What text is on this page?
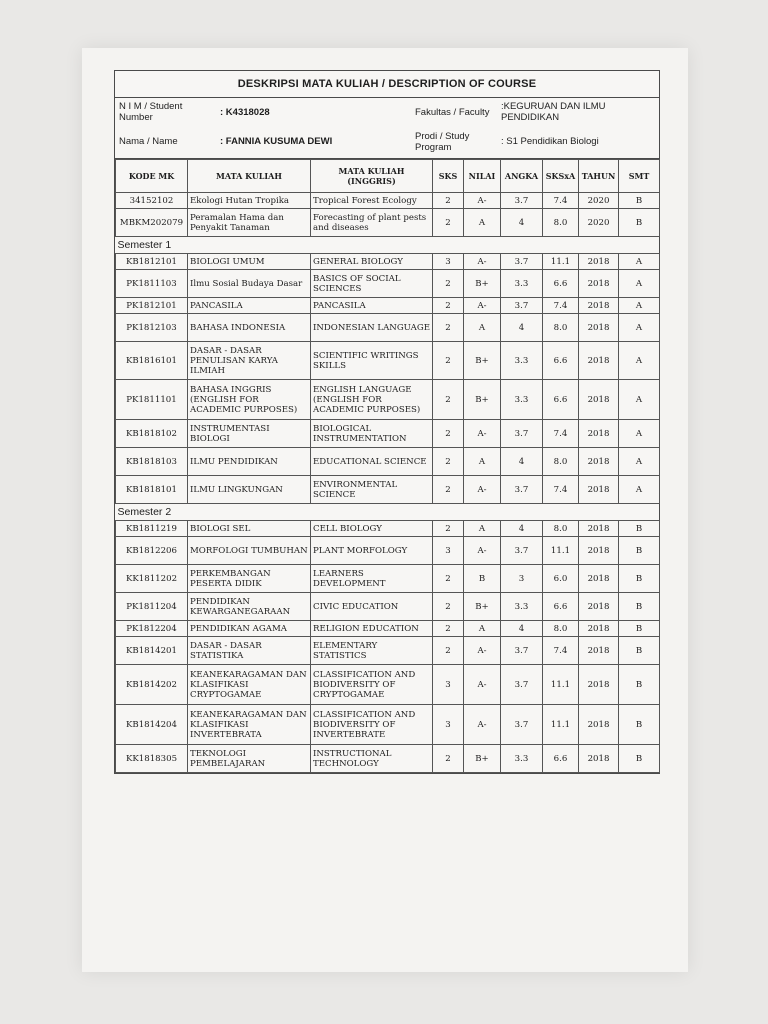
DESKRIPSI MATA KULIAH / DESCRIPTION OF COURSE
N I M / Student Number	: K4318028
Nama / Name	: FANNIA KUSUMA DEWI
Fakultas / Faculty
:KEGURUAN DAN ILMU PENDIDIKAN
Prodi / Study Program
: S1 Pendidikan Biologi
KODE MK	MATA KULIAH	MATA KULIAH (INGGRIS)	SKS	NILAI	ANGKA	SKSxA	TAHUN	SMT
34152102	Ekologi Hutan Tropika	Tropical Forest Ecology	2	A-	3.7	7.4	2020	B
MBKM202079	Peramalan Hama dan Penyakit Tanaman	Forecasting of plant pests and diseases	2	A	4	8.0	2020	B
Semester 1								
KB1812101	BIOLOGI UMUM	GENERAL BIOLOGY	3	A-	3.7	11.1	2018	A
PK1811103	Ilmu Sosial Budaya Dasar	BASICS OF SOCIAL SCIENCES	2	B+	3.3	6.6	2018	A
PK1812101	PANCASILA	PANCASILA	2	A-	3.7	7.4	2018	A
PK1812103	BAHASA INDONESIA	INDONESIAN LANGUAGE	2	A	4	8.0	2018	A
KB1816101	DASAR - DASAR PENULISAN KARYA ILMIAH	SCIENTIFIC WRITINGS SKILLS	2	B+	3.3	6.6	2018	A
PK1811101	BAHASA INGGRIS (ENGLISH FOR ACADEMIC PURPOSES)	ENGLISH LANGUAGE (ENGLISH FOR ACADEMIC PURPOSES)	2	B+	3.3	6.6	2018	A
KB1818102	INSTRUMENTASI BIOLOGI	BIOLOGICAL INSTRUMENTATION	2	A-	3.7	7.4	2018	A
KB1818103	ILMU PENDIDIKAN	EDUCATIONAL SCIENCE	2	A	4	8.0	2018	A
KB1818101	ILMU LINGKUNGAN	ENVIRONMENTAL SCIENCE	2	A-	3.7	7.4	2018	A
Semester 2								
KB1811219	BIOLOGI SEL	CELL BIOLOGY	2	A	4	8.0	2018	B
KB1812206	MORFOLOGI TUMBUHAN	PLANT MORFOLOGY	3	A-	3.7	11.1	2018	B
KK1811202	PERKEMBANGAN PESERTA DIDIK	LEARNERS DEVELOPMENT	2	B	3	6.0	2018	B
PK1811204	PENDIDIKAN KEWARGANEGARAAN	CIVIC EDUCATION	2	B+	3.3	6.6	2018	B
PK1812204	PENDIDIKAN AGAMA	RELIGION EDUCATION	2	A	4	8.0	2018	B
KB1814201	DASAR - DASAR STATISTIKA	ELEMENTARY STATISTICS	2	A-	3.7	7.4	2018	B
KB1814202	KEANEKARAGAMAN DAN KLASIFIKASI CRYPTOGAMAE	CLASSIFICATION AND BIODIVERSITY OF CRYPTOGAMAE	3	A-	3.7	11.1	2018	B
KB1814204	KEANEKARAGAMAN DAN KLASIFIKASI INVERTEBRATA	CLASSIFICATION AND BIODIVERSITY OF INVERTEBRATE	3	A-	3.7	11.1	2018	B
KK1818305	TEKNOLOGI PEMBELAJARAN	INSTRUCTIONAL TECHNOLOGY	2	B+	3.3	6.6	2018	B
